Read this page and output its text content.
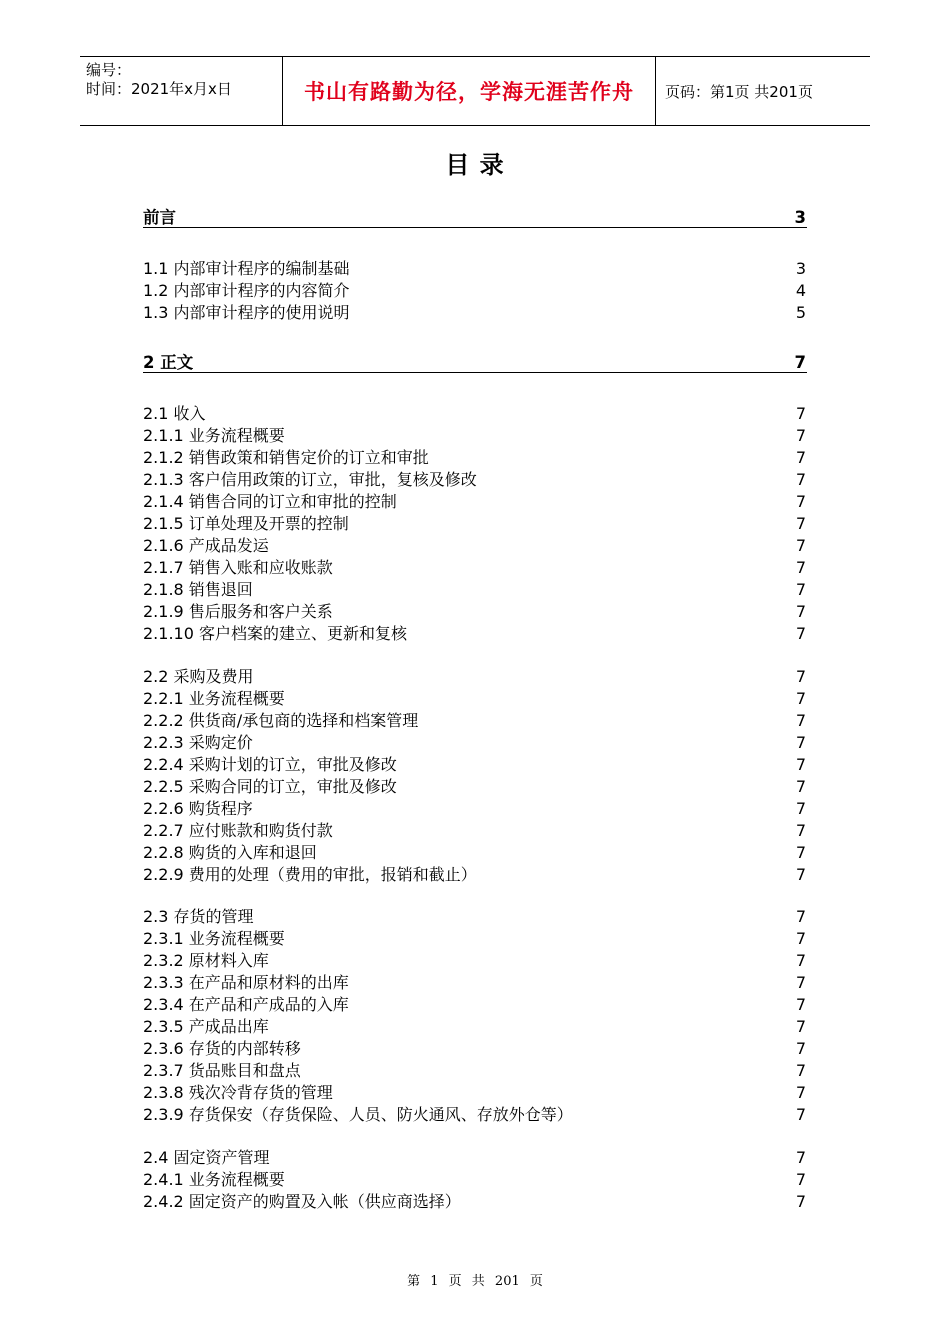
编号：
时间：2021年x月x日	书山有路勤为径，学海无涯苦作舟	页码：第1页 共201页
目 录
前言	3
1.1 内部审计程序的编制基础	3
1.2 内部审计程序的内容简介	4
1.3 内部审计程序的使用说明	5
2 正文	7
2.1 收入	7
2.1.1 业务流程概要	7
2.1.2 销售政策和销售定价的订立和审批	7
2.1.3 客户信用政策的订立，审批，复核及修改	7
2.1.4 销售合同的订立和审批的控制	7
2.1.5 订单处理及开票的控制	7
2.1.6 产成品发运	7
2.1.7 销售入账和应收账款	7
2.1.8 销售退回	7
2.1.9 售后服务和客户关系	7
2.1.10 客户档案的建立、更新和复核	7
2.2 采购及费用	7
2.2.1 业务流程概要	7
2.2.2 供货商/承包商的选择和档案管理	7
2.2.3 采购定价	7
2.2.4 采购计划的订立，审批及修改	7
2.2.5 采购合同的订立，审批及修改	7
2.2.6 购货程序	7
2.2.7 应付账款和购货付款	7
2.2.8 购货的入库和退回	7
2.2.9 费用的处理（费用的审批，报销和截止）	7
2.3 存货的管理	7
2.3.1 业务流程概要	7
2.3.2 原材料入库	7
2.3.3 在产品和原材料的出库	7
2.3.4 在产品和产成品的入库	7
2.3.5 产成品出库	7
2.3.6 存货的内部转移	7
2.3.7 货品账目和盘点	7
2.3.8 残次冷背存货的管理	7
2.3.9 存货保安（存货保险、人员、防火通风、存放外仓等）	7
2.4 固定资产管理	7
2.4.1 业务流程概要	7
2.4.2 固定资产的购置及入帐（供应商选择）	7
第 1 页 共 201 页
